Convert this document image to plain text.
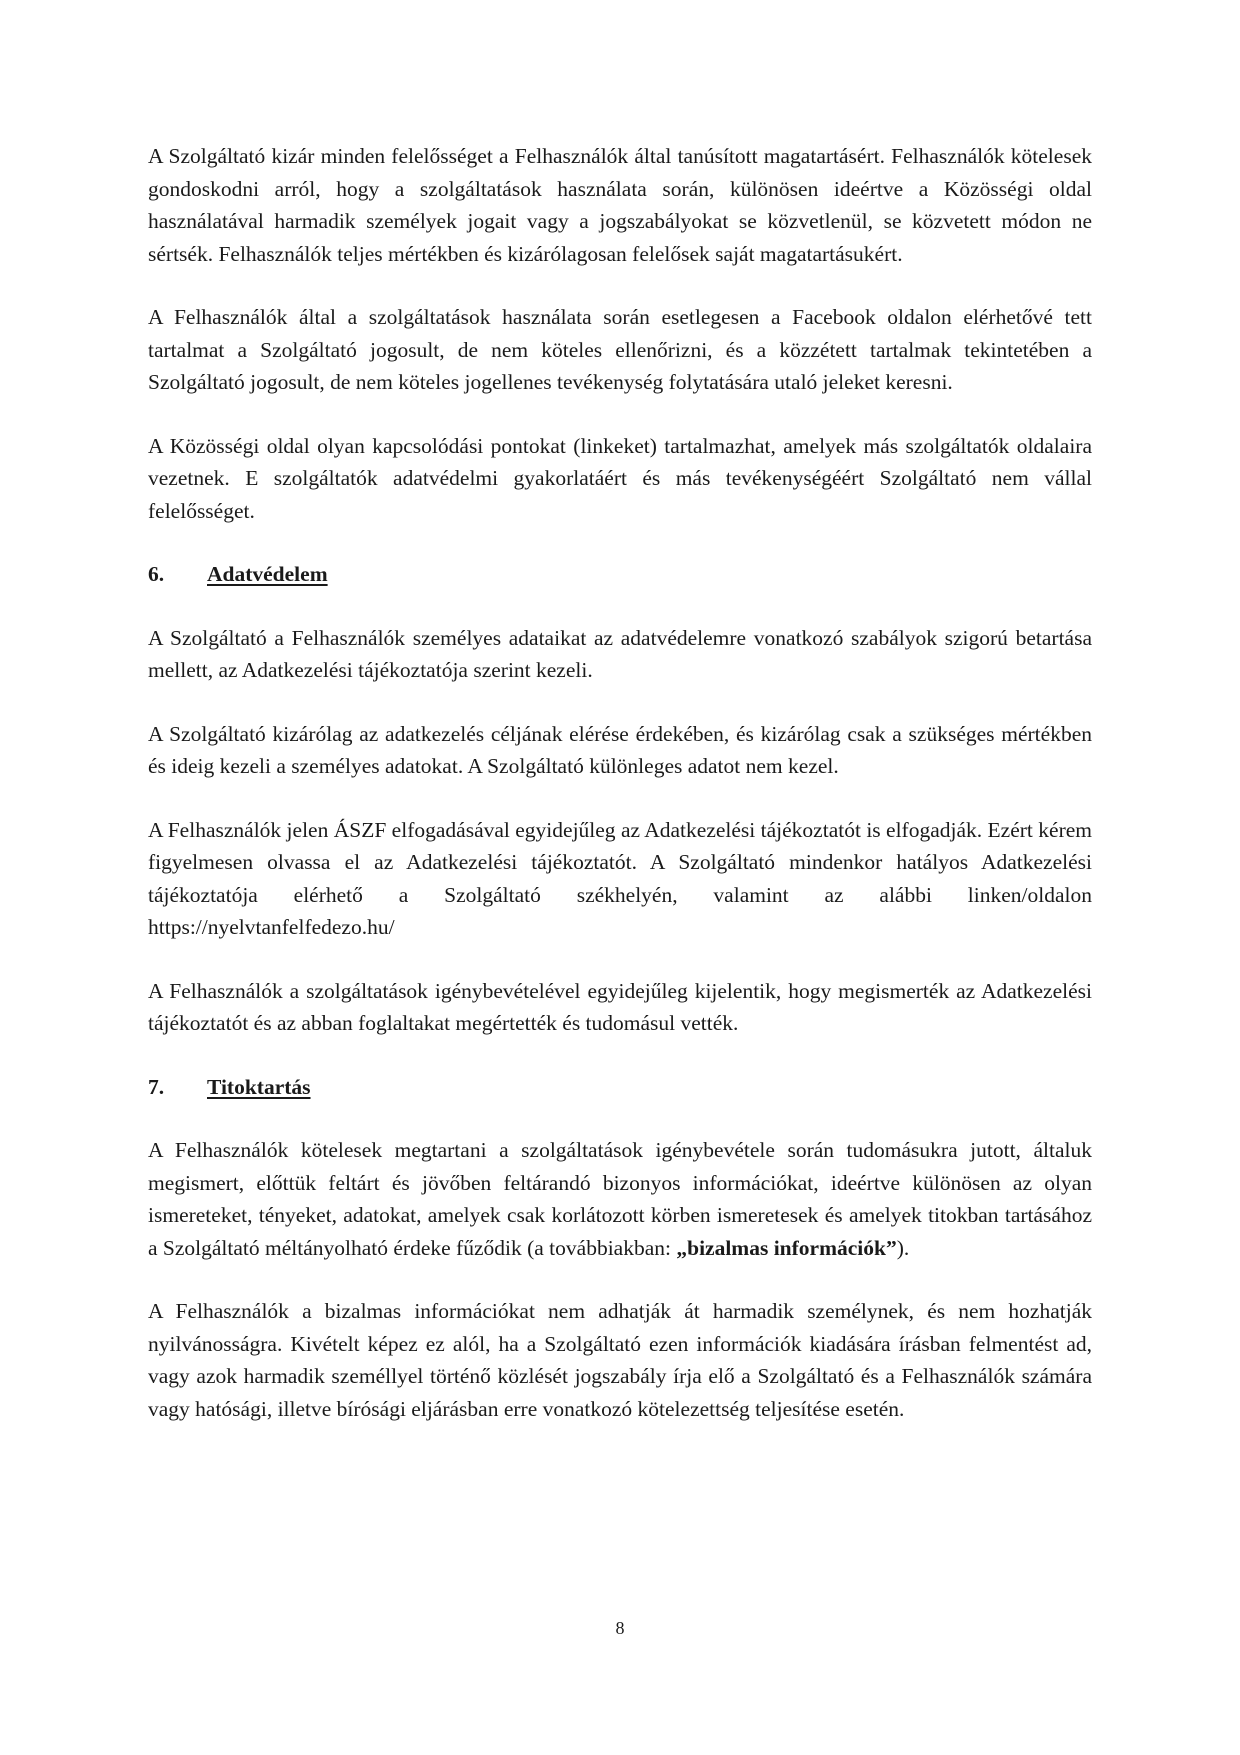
A Szolgáltató kizár minden felelősséget a Felhasználók által tanúsított magatartásért. Felhasználók kötelesek gondoskodni arról, hogy a szolgáltatások használata során, különösen ideértve a Közösségi oldal használatával harmadik személyek jogait vagy a jogszabályokat se közvetlenül, se közvetett módon ne sértsék. Felhasználók teljes mértékben és kizárólagosan felelősek saját magatartásukért.

A Felhasználók által a szolgáltatások használata során esetlegesen a Facebook oldalon elérhetővé tett tartalmat a Szolgáltató jogosult, de nem köteles ellenőrizni, és a közzétett tartalmak tekintetében a Szolgáltató jogosult, de nem köteles jogellenes tevékenység folytatására utaló jeleket keresni.

A Közösségi oldal olyan kapcsolódási pontokat (linkeket) tartalmazhat, amelyek más szolgáltatók oldalaira vezetnek. E szolgáltatók adatvédelmi gyakorlatáért és más tevékenységéért Szolgáltató nem vállal felelősséget.

6.	Adatvédelem

A Szolgáltató a Felhasználók személyes adataikat az adatvédelemre vonatkozó szabályok szigorú betartása mellett, az Adatkezelési tájékoztatója szerint kezeli.

A Szolgáltató kizárólag az adatkezelés céljának elérése érdekében, és kizárólag csak a szükséges mértékben és ideig kezeli a személyes adatokat. A Szolgáltató különleges adatot nem kezel.

A Felhasználók jelen ÁSZF elfogadásával egyidejűleg az Adatkezelési tájékoztatót is elfogadják. Ezért kérem figyelmesen olvassa el az Adatkezelési tájékoztatót. A Szolgáltató mindenkor hatályos Adatkezelési tájékoztatója elérhető a Szolgáltató székhelyén, valamint az alábbi linken/oldalon https://nyelvtanfelfedezo.hu/

A Felhasználók a szolgáltatások igénybevételével egyidejűleg kijelentik, hogy megismerték az Adatkezelési tájékoztatót és az abban foglaltakat megértették és tudomásul vették.

7.	Titoktartás

A Felhasználók kötelesek megtartani a szolgáltatások igénybevétele során tudomásukra jutott, általuk megismert, előttük feltárt és jövőben feltárandó bizonyos információkat, ideértve különösen az olyan ismereteket, tényeket, adatokat, amelyek csak korlátozott körben ismeretesek és amelyek titokban tartásához a Szolgáltató méltányolható érdeke fűződik (a továbbiakban: „bizalmas információk”).

A Felhasználók a bizalmas információkat nem adhatják át harmadik személynek, és nem hozhatják nyilvánosságra. Kivételt képez ez alól, ha a Szolgáltató ezen információk kiadására írásban felmentést ad, vagy azok harmadik személlyel történő közlését jogszabály írja elő a Szolgáltató és a Felhasználók számára vagy hatósági, illetve bírósági eljárásban erre vonatkozó kötelezettség teljesítése esetén.

8
